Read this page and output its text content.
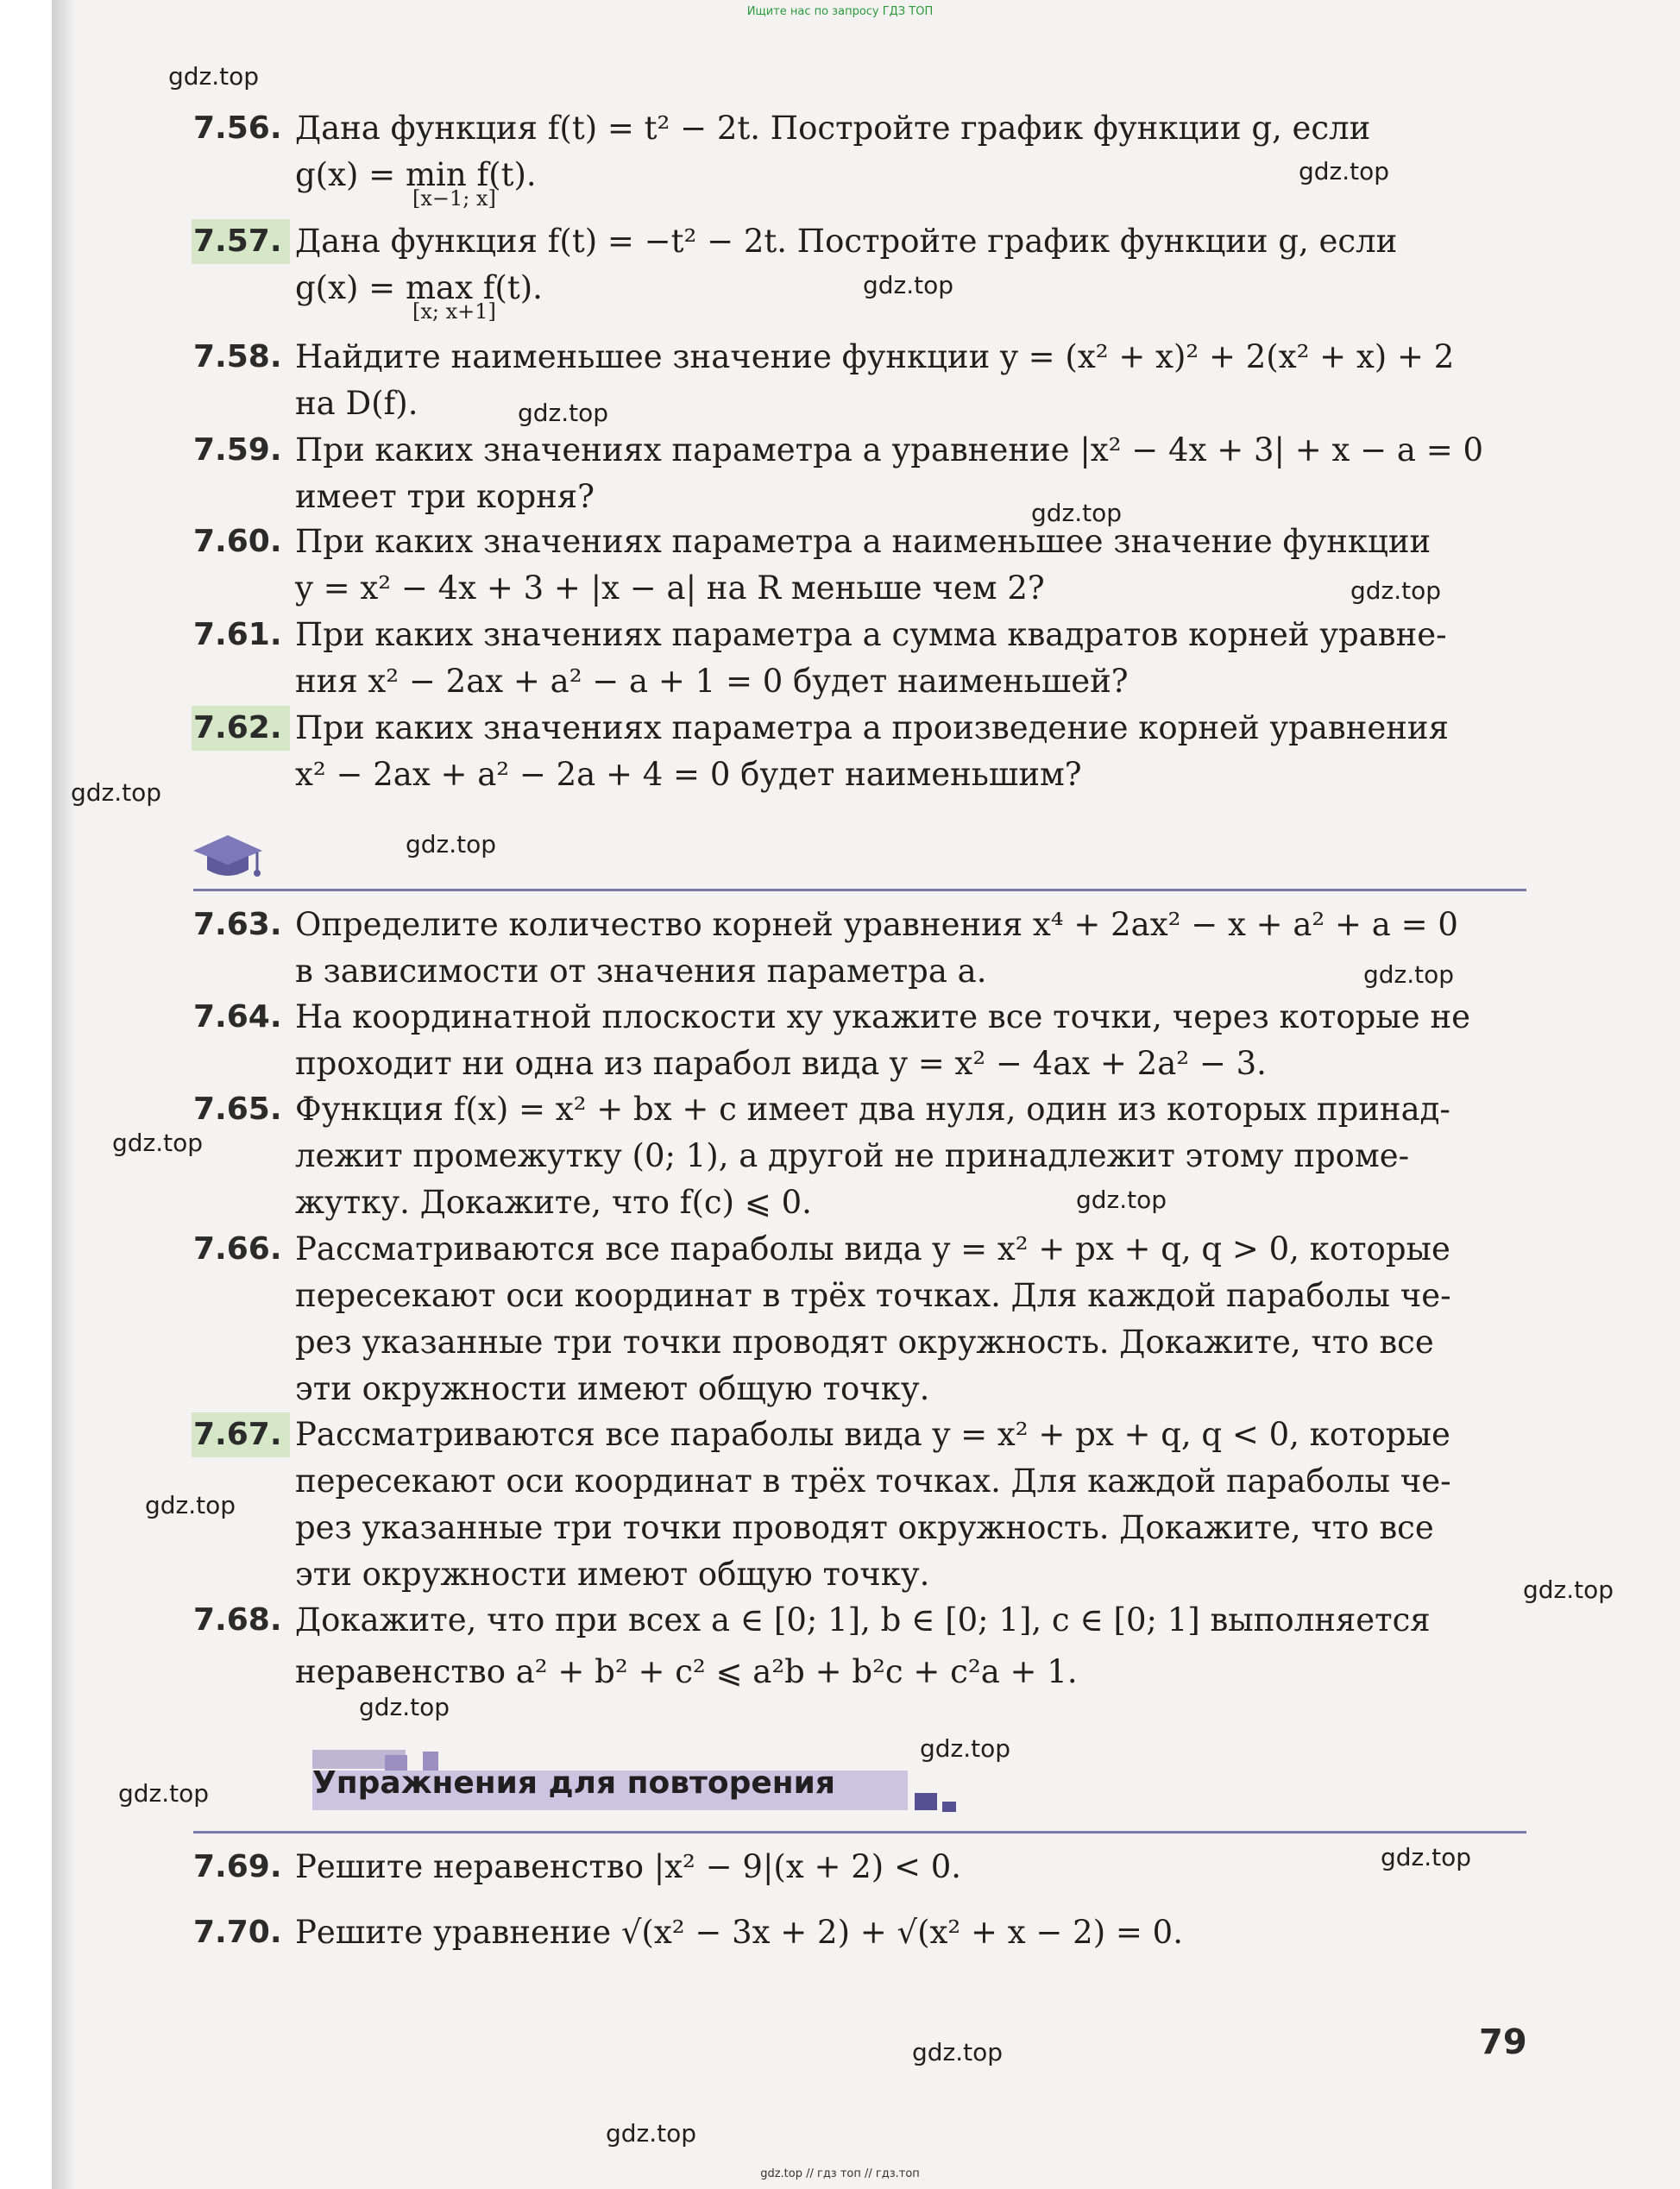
Ищите нас по запросу ГДЗ ТОП
gdz.top
gdz.top
gdz.top
gdz.top
gdz.top
gdz.top
gdz.top
gdz.top
gdz.top
gdz.top
gdz.top
gdz.top
gdz.top
gdz.top
gdz.top
gdz.top
gdz.top
gdz.top
gdz.top
7.56. Дана функция f(t) = t² − 2t. Постройте график функции g, если
g(x) = min f(t).
[x−1; x]
7.57. Дана функция f(t) = −t² − 2t. Постройте график функции g, если
g(x) = max f(t).
[x; x+1]
7.58. Найдите наименьшее значение функции y = (x² + x)² + 2(x² + x) + 2
на D(f).
7.59. При каких значениях параметра a уравнение |x² − 4x + 3| + x − a = 0
имеет три корня?
7.60. При каких значениях параметра a наименьшее значение функции
y = x² − 4x + 3 + |x − a| на R меньше чем 2?
7.61. При каких значениях параметра a сумма квадратов корней уравне-
ния x² − 2ax + a² − a + 1 = 0 будет наименьшей?
7.62. При каких значениях параметра a произведение корней уравнения
x² − 2ax + a² − 2a + 4 = 0 будет наименьшим?
7.63. Определите количество корней уравнения x⁴ + 2ax² − x + a² + a = 0
в зависимости от значения параметра a.
7.64. На координатной плоскости xy укажите все точки, через которые не
проходит ни одна из парабол вида y = x² − 4ax + 2a² − 3.
7.65. Функция f(x) = x² + bx + c имеет два нуля, один из которых принад-
лежит промежутку (0; 1), а другой не принадлежит этому проме-
жутку. Докажите, что f(c) ⩽ 0.
7.66. Рассматриваются все параболы вида y = x² + px + q, q > 0, которые
пересекают оси координат в трёх точках. Для каждой параболы че-
рез указанные три точки проводят окружность. Докажите, что все
эти окружности имеют общую точку.
7.67. Рассматриваются все параболы вида y = x² + px + q, q < 0, которые
пересекают оси координат в трёх точках. Для каждой параболы че-
рез указанные три точки проводят окружность. Докажите, что все
эти окружности имеют общую точку.
7.68. Докажите, что при всех a ∈ [0; 1], b ∈ [0; 1], c ∈ [0; 1] выполняется
неравенство a² + b² + c² ⩽ a²b + b²c + c²a + 1.
Упражнения для повторения
7.69. Решите неравенство |x² − 9|(x + 2) < 0.
7.70. Решите уравнение √(x² − 3x + 2) + √(x² + x − 2) = 0.
79
gdz.top // гдз топ // гдз.топ
